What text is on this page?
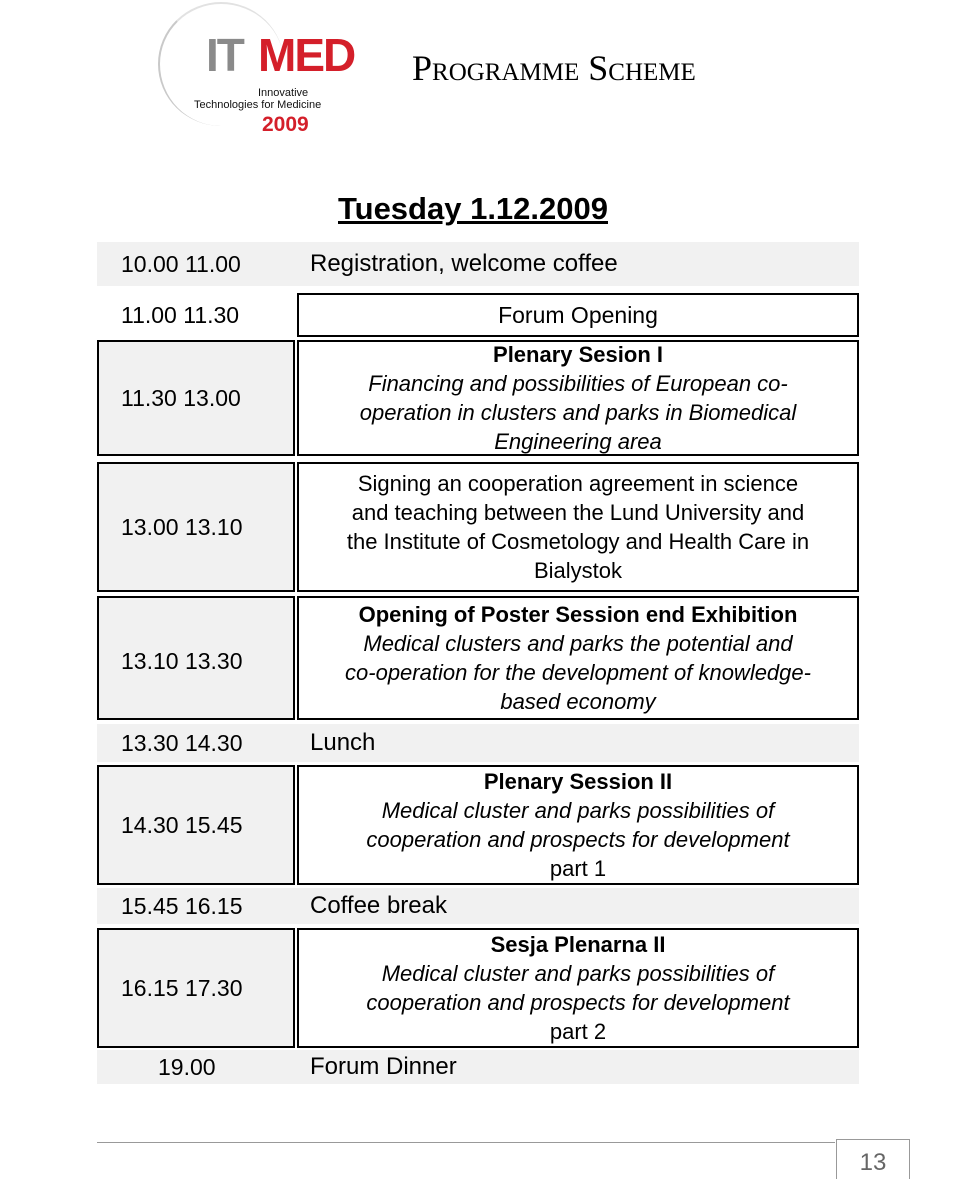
IT MED
Innovative
Technologies for Medicine
2009
Programme Scheme
Tuesday 1.12.2009
10.00 11.00	Registration, welcome coffee
11.00 11.30	Forum Opening
11.30 13.00
Plenary Sesion I
Financing and possibilities of European co-
operation in clusters and parks in Biomedical
Engineering area
13.00 13.10
Signing an cooperation agreement in science
and teaching between the Lund University and
the Institute of Cosmetology and Health Care in
Bialystok
13.10 13.30
Opening of Poster Session end Exhibition
Medical clusters and parks the potential and
co-operation for the development of knowledge-
based economy
13.30 14.30	Lunch
14.30 15.45
Plenary Session II
Medical cluster and parks possibilities of
cooperation and prospects for development
part 1
15.45 16.15	Coffee break
16.15 17.30
Sesja Plenarna II
Medical cluster and parks possibilities of
cooperation and prospects for development
part 2
19.00	Forum Dinner
13
